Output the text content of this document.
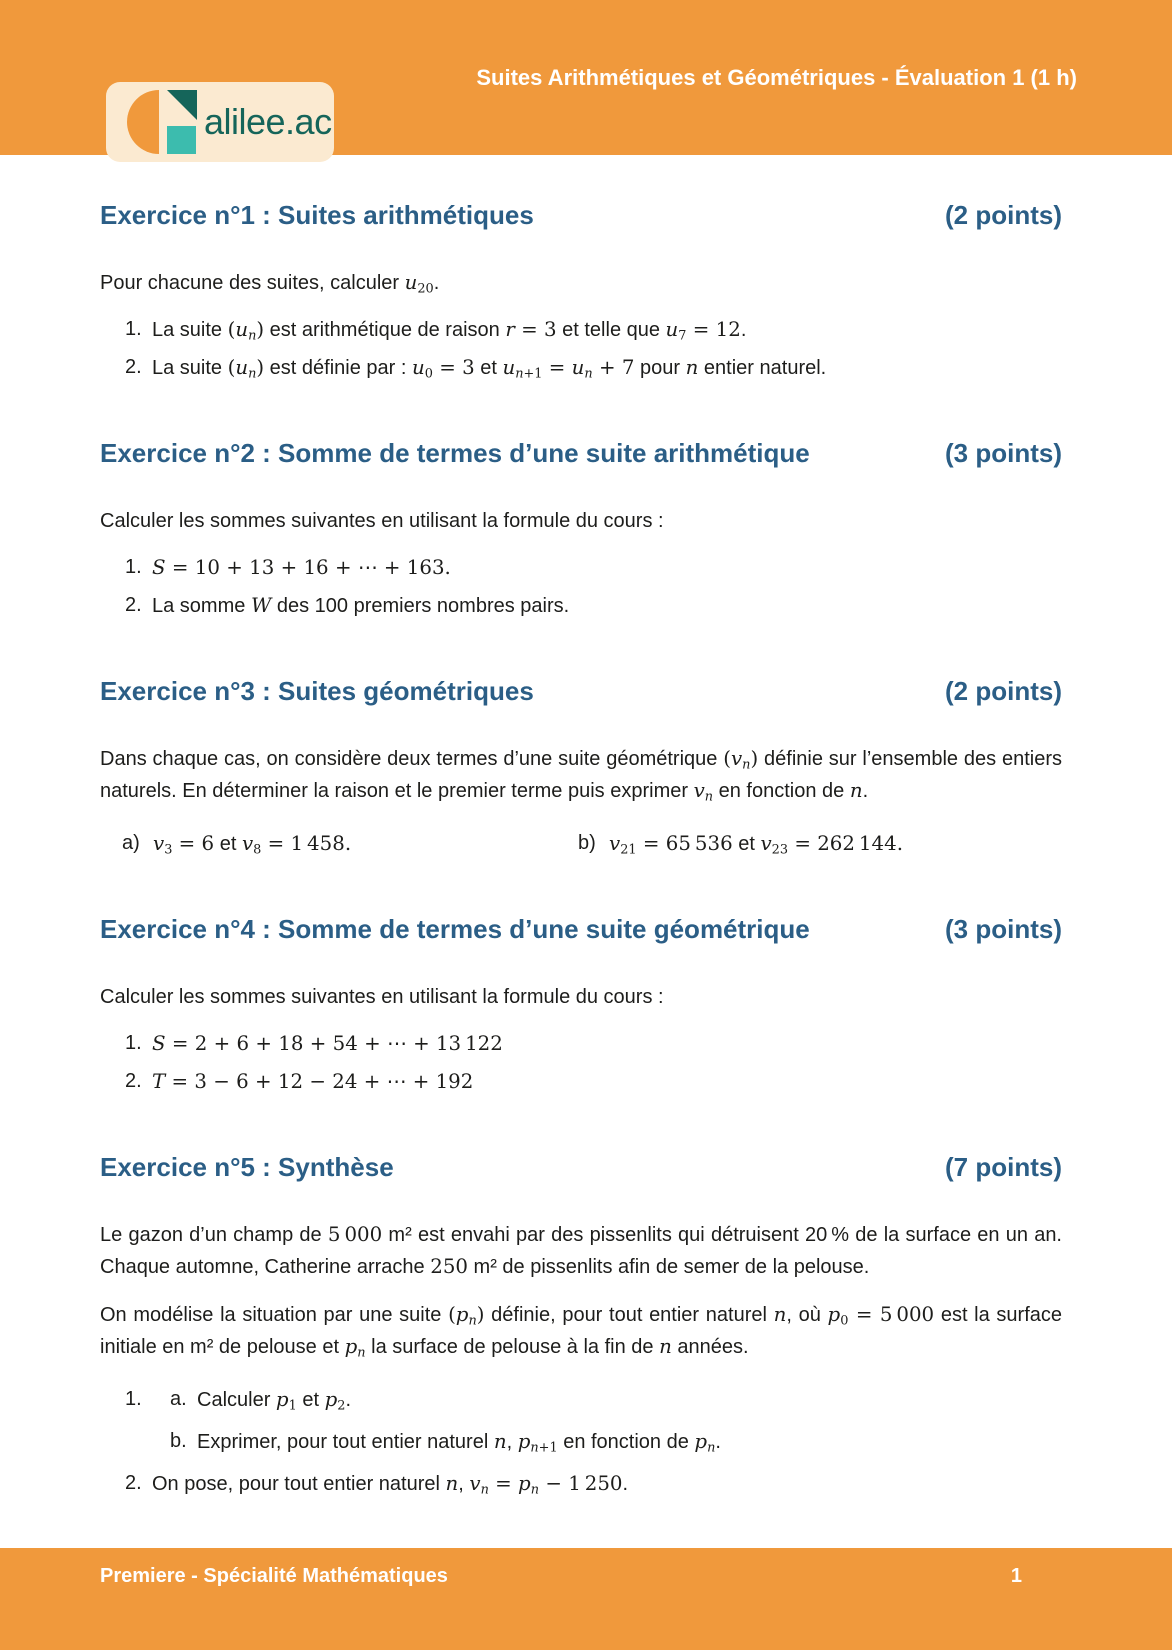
alilee.ac
Suites Arithmétiques et Géométriques - Évaluation 1 (1 h)
Exercice n°1 : Suites arithmétiques	(2 points)

Pour chacune des suites, calculer $u_{20}$.

1. La suite $(u_n)$ est arithmétique de raison r = 3 et telle que $u_7 = 12$.
2. La suite $(u_n)$ est définie par : $u_0 = 3$ et $u_{n+1} = u_n + 7$ pour n entier naturel.
Exercice n°2 : Somme de termes d’une suite arithmétique	(3 points)

Calculer les sommes suivantes en utilisant la formule du cours :

1. S = 10 + 13 + 16 + ⋯ + 163.
2. La somme W des 100 premiers nombres pairs.
Exercice n°3 : Suites géométriques	(2 points)

Dans chaque cas, on considère deux termes d’une suite géométrique $(v_n)$ définie sur l’ensemble des entiers naturels. En déterminer la raison et le premier terme puis exprimer $v_n$ en fonction de n.

a) $v_3 = 6$ et $v_8 = 1$  458.	b) $v_{21} = 65$  536 et $v_{23} = 262$  144.
Exercice n°4 : Somme de termes d’une suite géométrique	(3 points)

Calculer les sommes suivantes en utilisant la formule du cours :

1. S = 2 + 6 + 18 + 54 + ⋯ + 13  122
2. T = 3 − 6 + 12 − 24 + ⋯ + 192
Exercice n°5 : Synthèse	(7 points)

Le gazon d’un champ de 5  000 m² est envahi par des pissenlits qui détruisent 20 % de la surface en un an. Chaque automne, Catherine arrache 250 m² de pissenlits afin de semer de la pelouse.

On modélise la situation par une suite $(p_n)$ définie, pour tout entier naturel n, où $p_0 = 5$  000 est la surface initiale en m² de pelouse et $p_n$ la surface de pelouse à la fin de n années.

1.	a. Calculer $p_1$ et $p_2$.
b. Exprimer, pour tout entier naturel n, $p_{n+1}$ en fonction de $p_n$.
2. On pose, pour tout entier naturel n, $v_n = p_n - 1$  250.
Premiere - Spécialité Mathématiques	1
